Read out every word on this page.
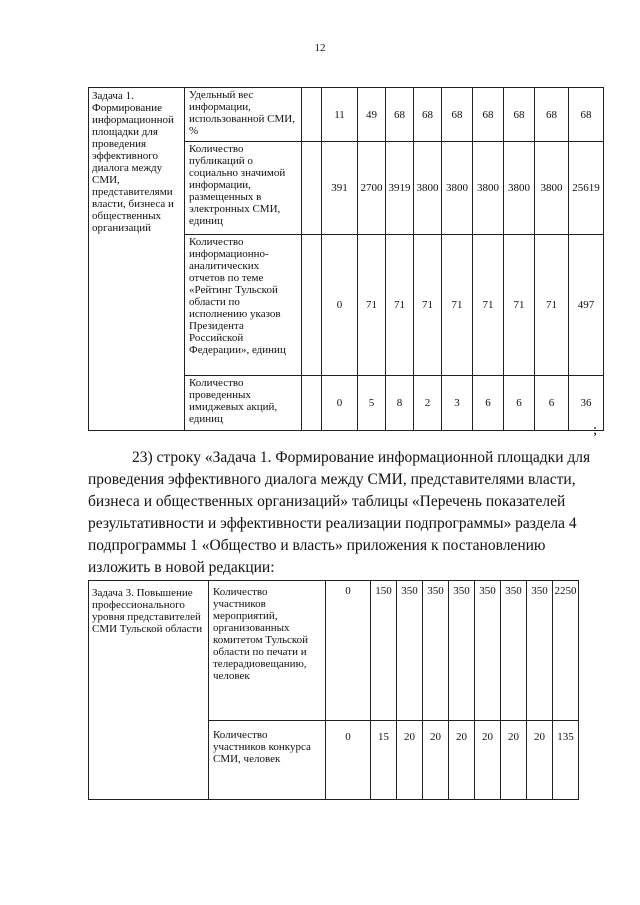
12
Задача 1. Формирование информационной площадки для проведения эффективного диалога между СМИ, представителями власти, бизнеса и общественных организаций	Удельный вес информации, использованной СМИ, %		11	49	68	68	68	68	68	68	68
	Количество публикаций о социально значимой информации, размещенных в электронных СМИ, единиц		391	2700	3919	3800	3800	3800	3800	3800	25619
	Количество информационно-аналитических отчетов по теме «Рейтинг Тульской области по исполнению указов Президента Российской Федерации», единиц		0	71	71	71	71	71	71	71	497
	Количество проведенных имиджевых акций, единиц		0	5	8	2	3	6	6	6	36
;
23) строку «Задача 1. Формирование информационной площадки для
проведения эффективного диалога между СМИ, представителями власти,
бизнеса и общественных организаций» таблицы «Перечень показателей
результативности и эффективности реализации подпрограммы» раздела 4
подпрограммы 1 «Общество и власть» приложения к постановлению
изложить в новой редакции:
Задача 3. Повышение профессионального уровня представителей СМИ Тульской области	Количество участников мероприятий, организованных комитетом Тульской области по печати и телерадиовещанию, человек	0	150	350	350	350	350	350	350	2250
	Количество участников конкурса СМИ, человек	0	15	20	20	20	20	20	20	135
